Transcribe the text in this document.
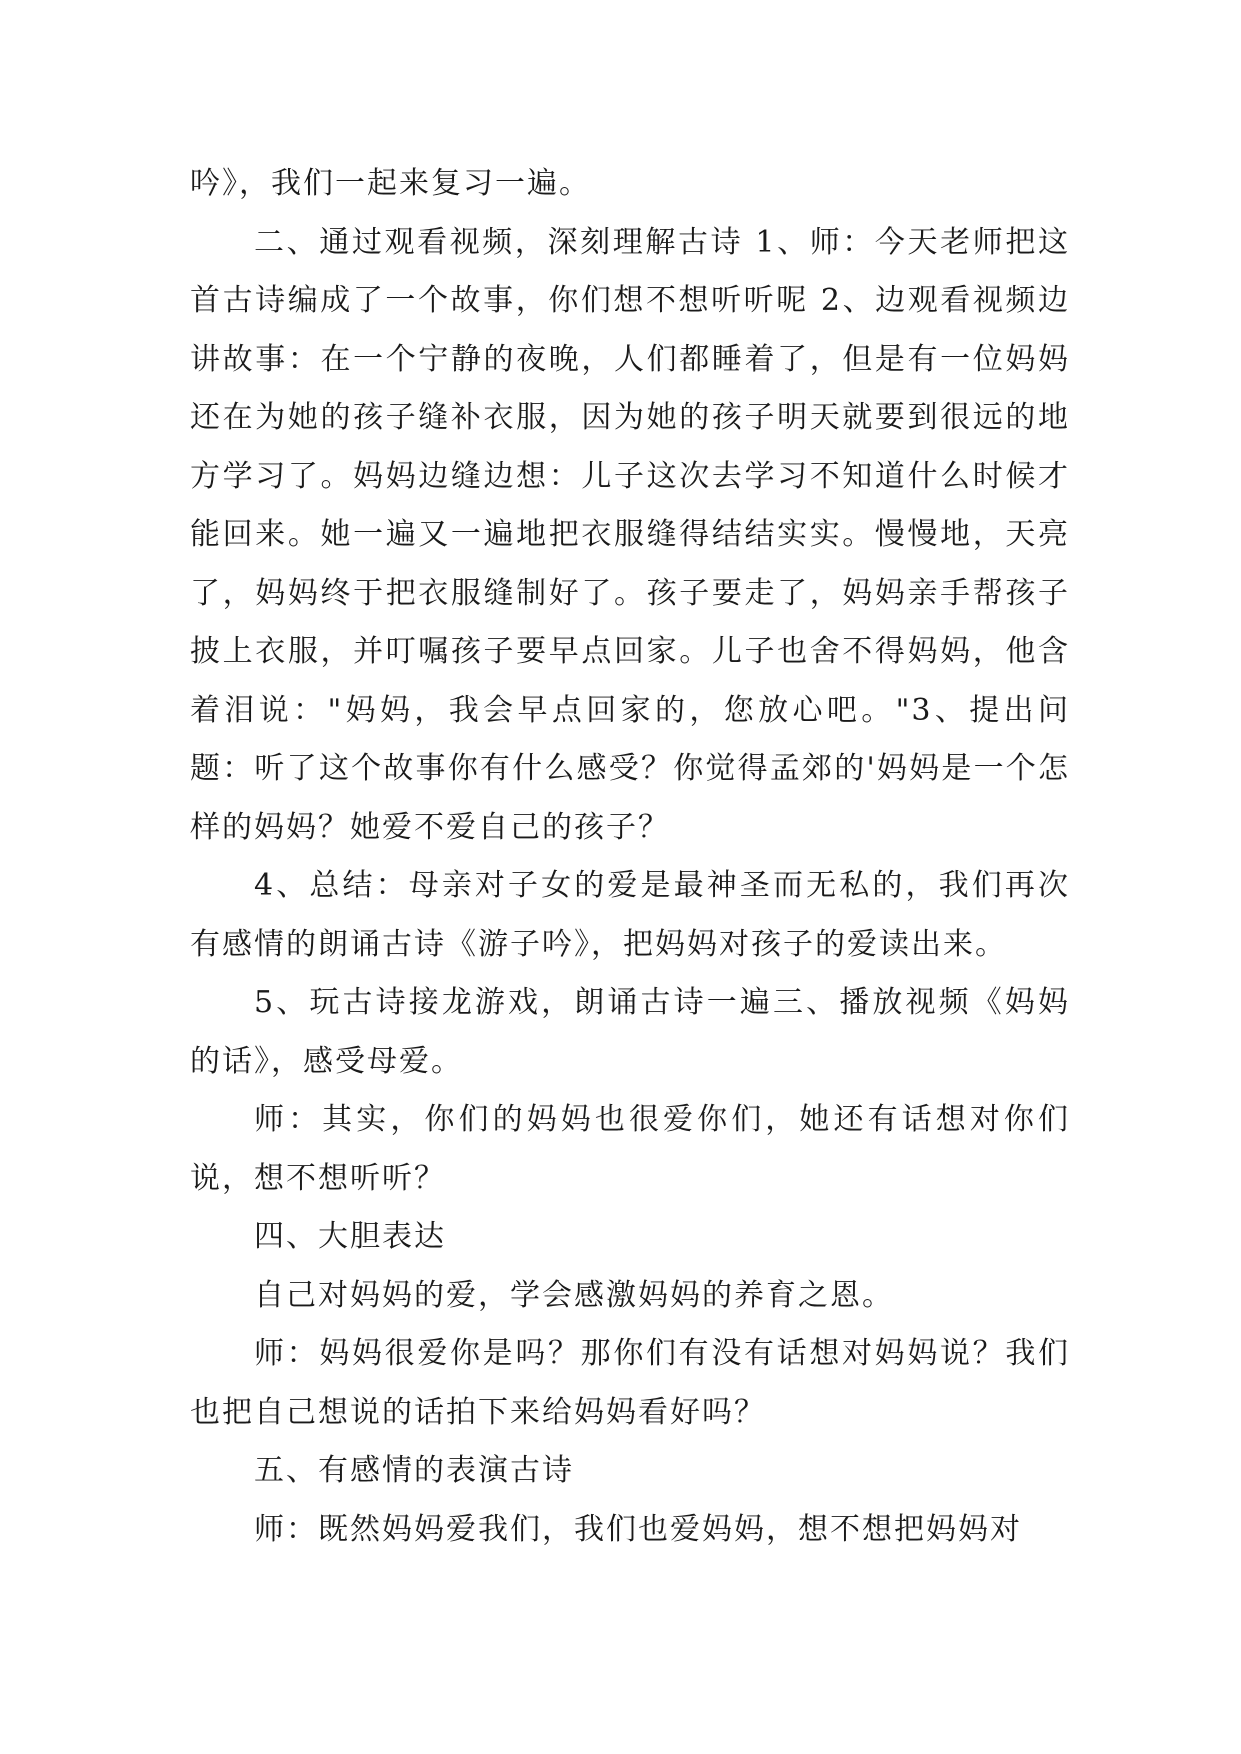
吟》，我们一起来复习一遍。

二、通过观看视频，深刻理解古诗 1、师：今天老师把这首古诗编成了一个故事，你们想不想听听呢 2、边观看视频边讲故事：在一个宁静的夜晚，人们都睡着了，但是有一位妈妈还在为她的孩子缝补衣服，因为她的孩子明天就要到很远的地方学习了。妈妈边缝边想：儿子这次去学习不知道什么时候才能回来。她一遍又一遍地把衣服缝得结结实实。慢慢地，天亮了，妈妈终于把衣服缝制好了。孩子要走了，妈妈亲手帮孩子披上衣服，并叮嘱孩子要早点回家。儿子也舍不得妈妈，他含着泪说："妈妈，我会早点回家的，您放心吧。"3、提出问题：听了这个故事你有什么感受？你觉得孟郊的'妈妈是一个怎样的妈妈？她爱不爱自己的孩子？

4、总结：母亲对子女的爱是最神圣而无私的，我们再次有感情的朗诵古诗《游子吟》，把妈妈对孩子的爱读出来。

5、玩古诗接龙游戏，朗诵古诗一遍三、播放视频《妈妈的话》，感受母爱。

师：其实，你们的妈妈也很爱你们，她还有话想对你们说，想不想听听？

四、大胆表达

自己对妈妈的爱，学会感激妈妈的养育之恩。

师：妈妈很爱你是吗？那你们有没有话想对妈妈说？我们也把自己想说的话拍下来给妈妈看好吗？

五、有感情的表演古诗

师：既然妈妈爱我们，我们也爱妈妈，想不想把妈妈对
